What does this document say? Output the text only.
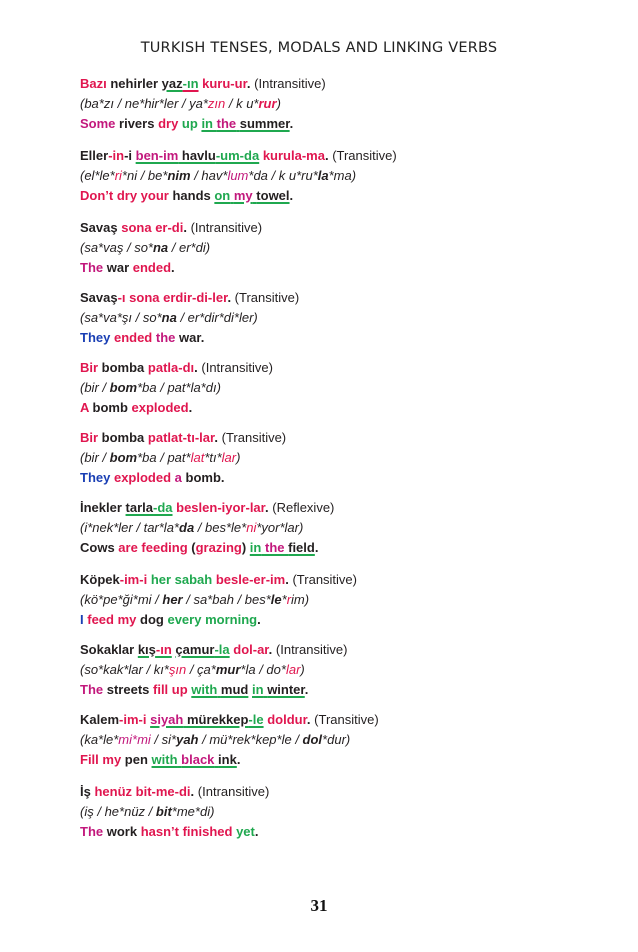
TURKISH TENSES, MODALS AND LINKING VERBS
Bazı nehirler yaz-ın kuru-ur. (Intransitive)
(ba*zı / ne*hir*ler / ya*zın / k u*rur)
Some rivers dry up in the summer.
Eller-in-i ben-im havlu-um-da kurula-ma. (Transitive)
(el*le*ri*ni / be*nim / hav*lum*da / k u*ru*la*ma)
Don’t dry your hands on my towel.
Savaş sona er-di. (Intransitive)
(sa*vaş / so*na / er*di)
The war ended.
Savaş-ı sona erdir-di-ler. (Transitive)
(sa*va*şı / so*na / er*dir*di*ler)
They ended the war.
Bir bomba patla-dı. (Intransitive)
(bir / bom*ba / pat*la*dı)
A bomb exploded.
Bir bomba patlat-tı-lar. (Transitive)
(bir / bom*ba / pat*lat*tı*lar)
They exploded a bomb.
İnekler tarla-da beslen-iyor-lar. (Reflexive)
(i*nek*ler / tar*la*da / bes*le*ni*yor*lar)
Cows are feeding (grazing) in the field.
Köpek-im-i her sabah besle-er-im. (Transitive)
(kö*pe*ği*mi / her / sa*bah / bes*le*rim)
I feed my dog every morning.
Sokaklar kış-ın çamur-la dol-ar. (Intransitive)
(so*kak*lar / kı*şın / ça*mur*la / do*lar)
The streets fill up with mud in winter.
Kalem-im-i siyah mürekkep-le doldur. (Transitive)
(ka*le*mi*mi / si*yah / mü*rek*kep*le / dol*dur)
Fill my pen with black ink.
İş henüz bit-me-di. (Intransitive)
(iş / he*nüz / bit*me*di)
The work hasn’t finished yet.
31
